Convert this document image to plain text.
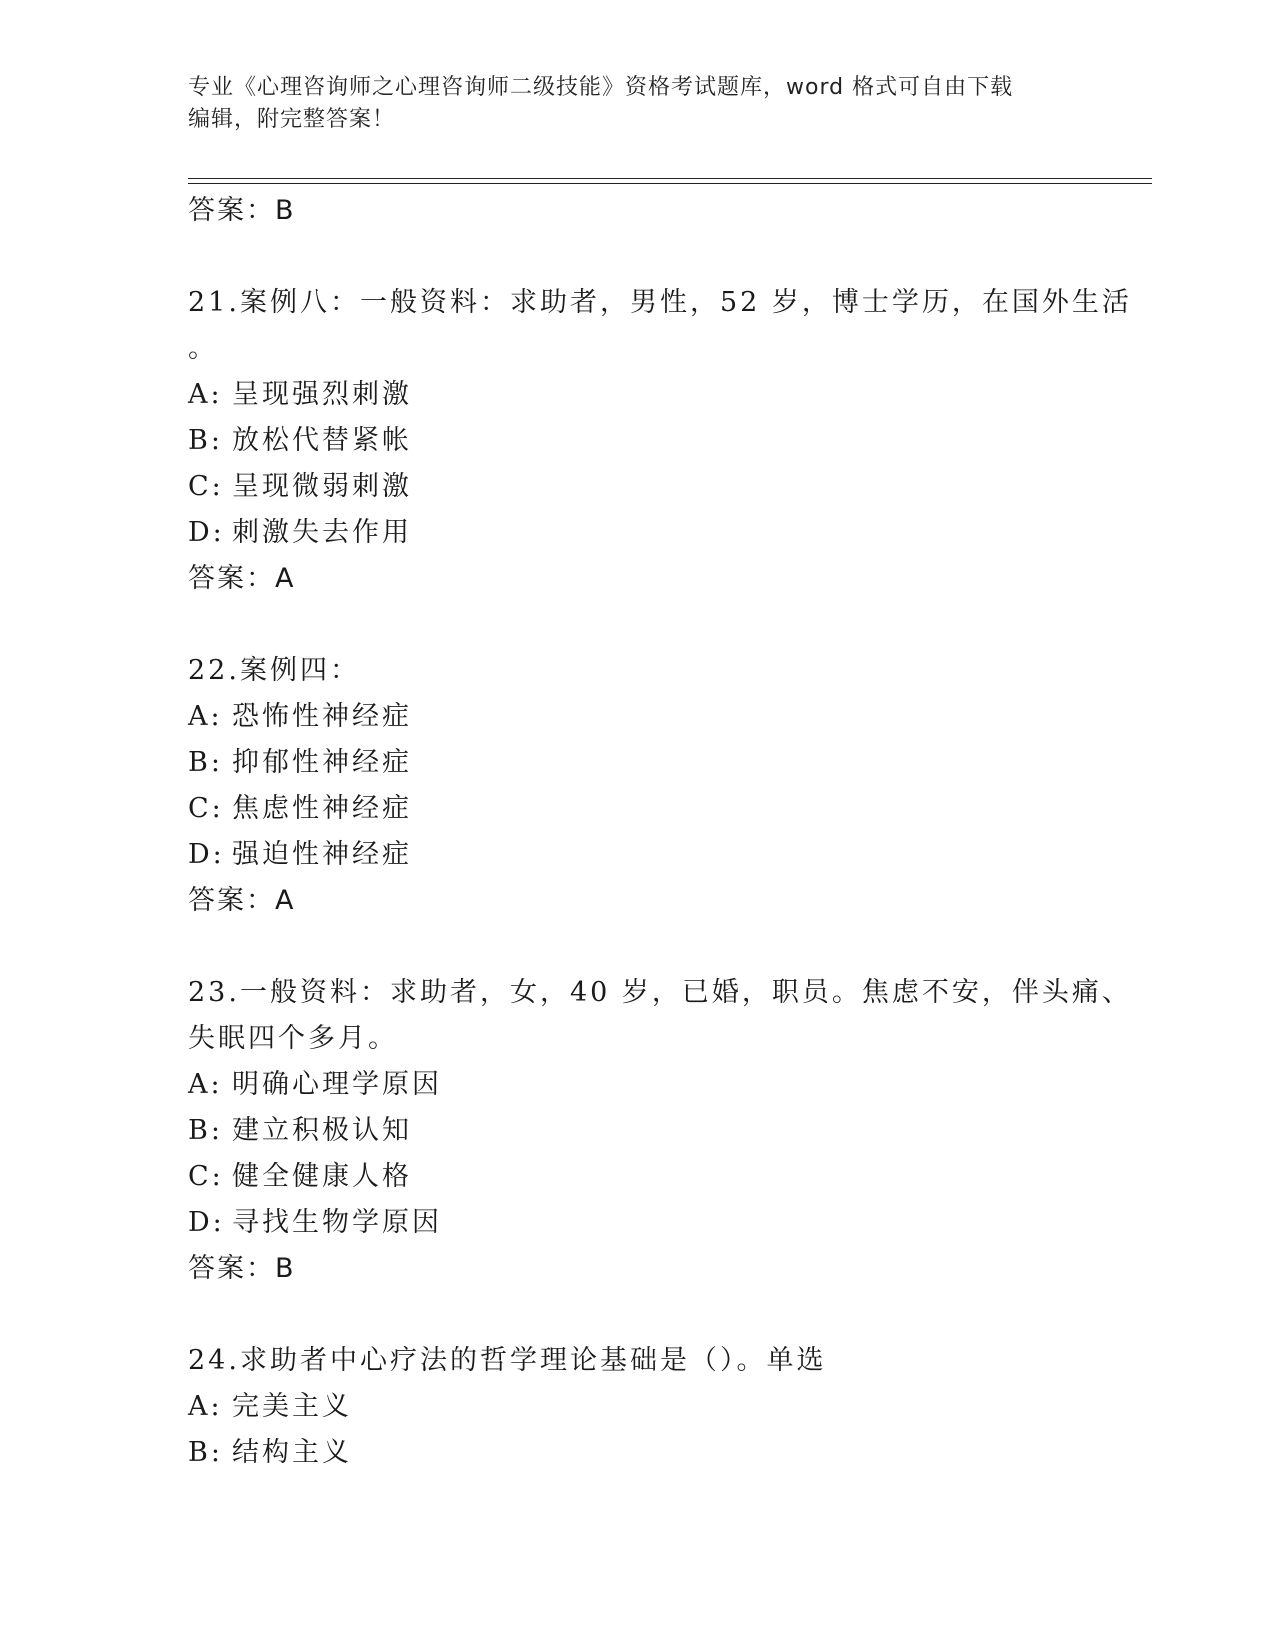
专业《心理咨询师之心理咨询师二级技能》资格考试题库，word 格式可自由下载
编辑，附完整答案！
答案：B
21.案例八：一般资料：求助者，男性，52 岁，博士学历，在国外生活
。
A: 呈现强烈刺激
B: 放松代替紧帐
C: 呈现微弱刺激
D: 刺激失去作用
答案：A
22.案例四：
A: 恐怖性神经症
B: 抑郁性神经症
C: 焦虑性神经症
D: 强迫性神经症
答案：A
23.一般资料：求助者，女，40 岁，已婚，职员。焦虑不安，伴头痛、
失眠四个多月。
A: 明确心理学原因
B: 建立积极认知
C: 健全健康人格
D: 寻找生物学原因
答案：B
24.求助者中心疗法的哲学理论基础是（）。单选
A: 完美主义
B: 结构主义
